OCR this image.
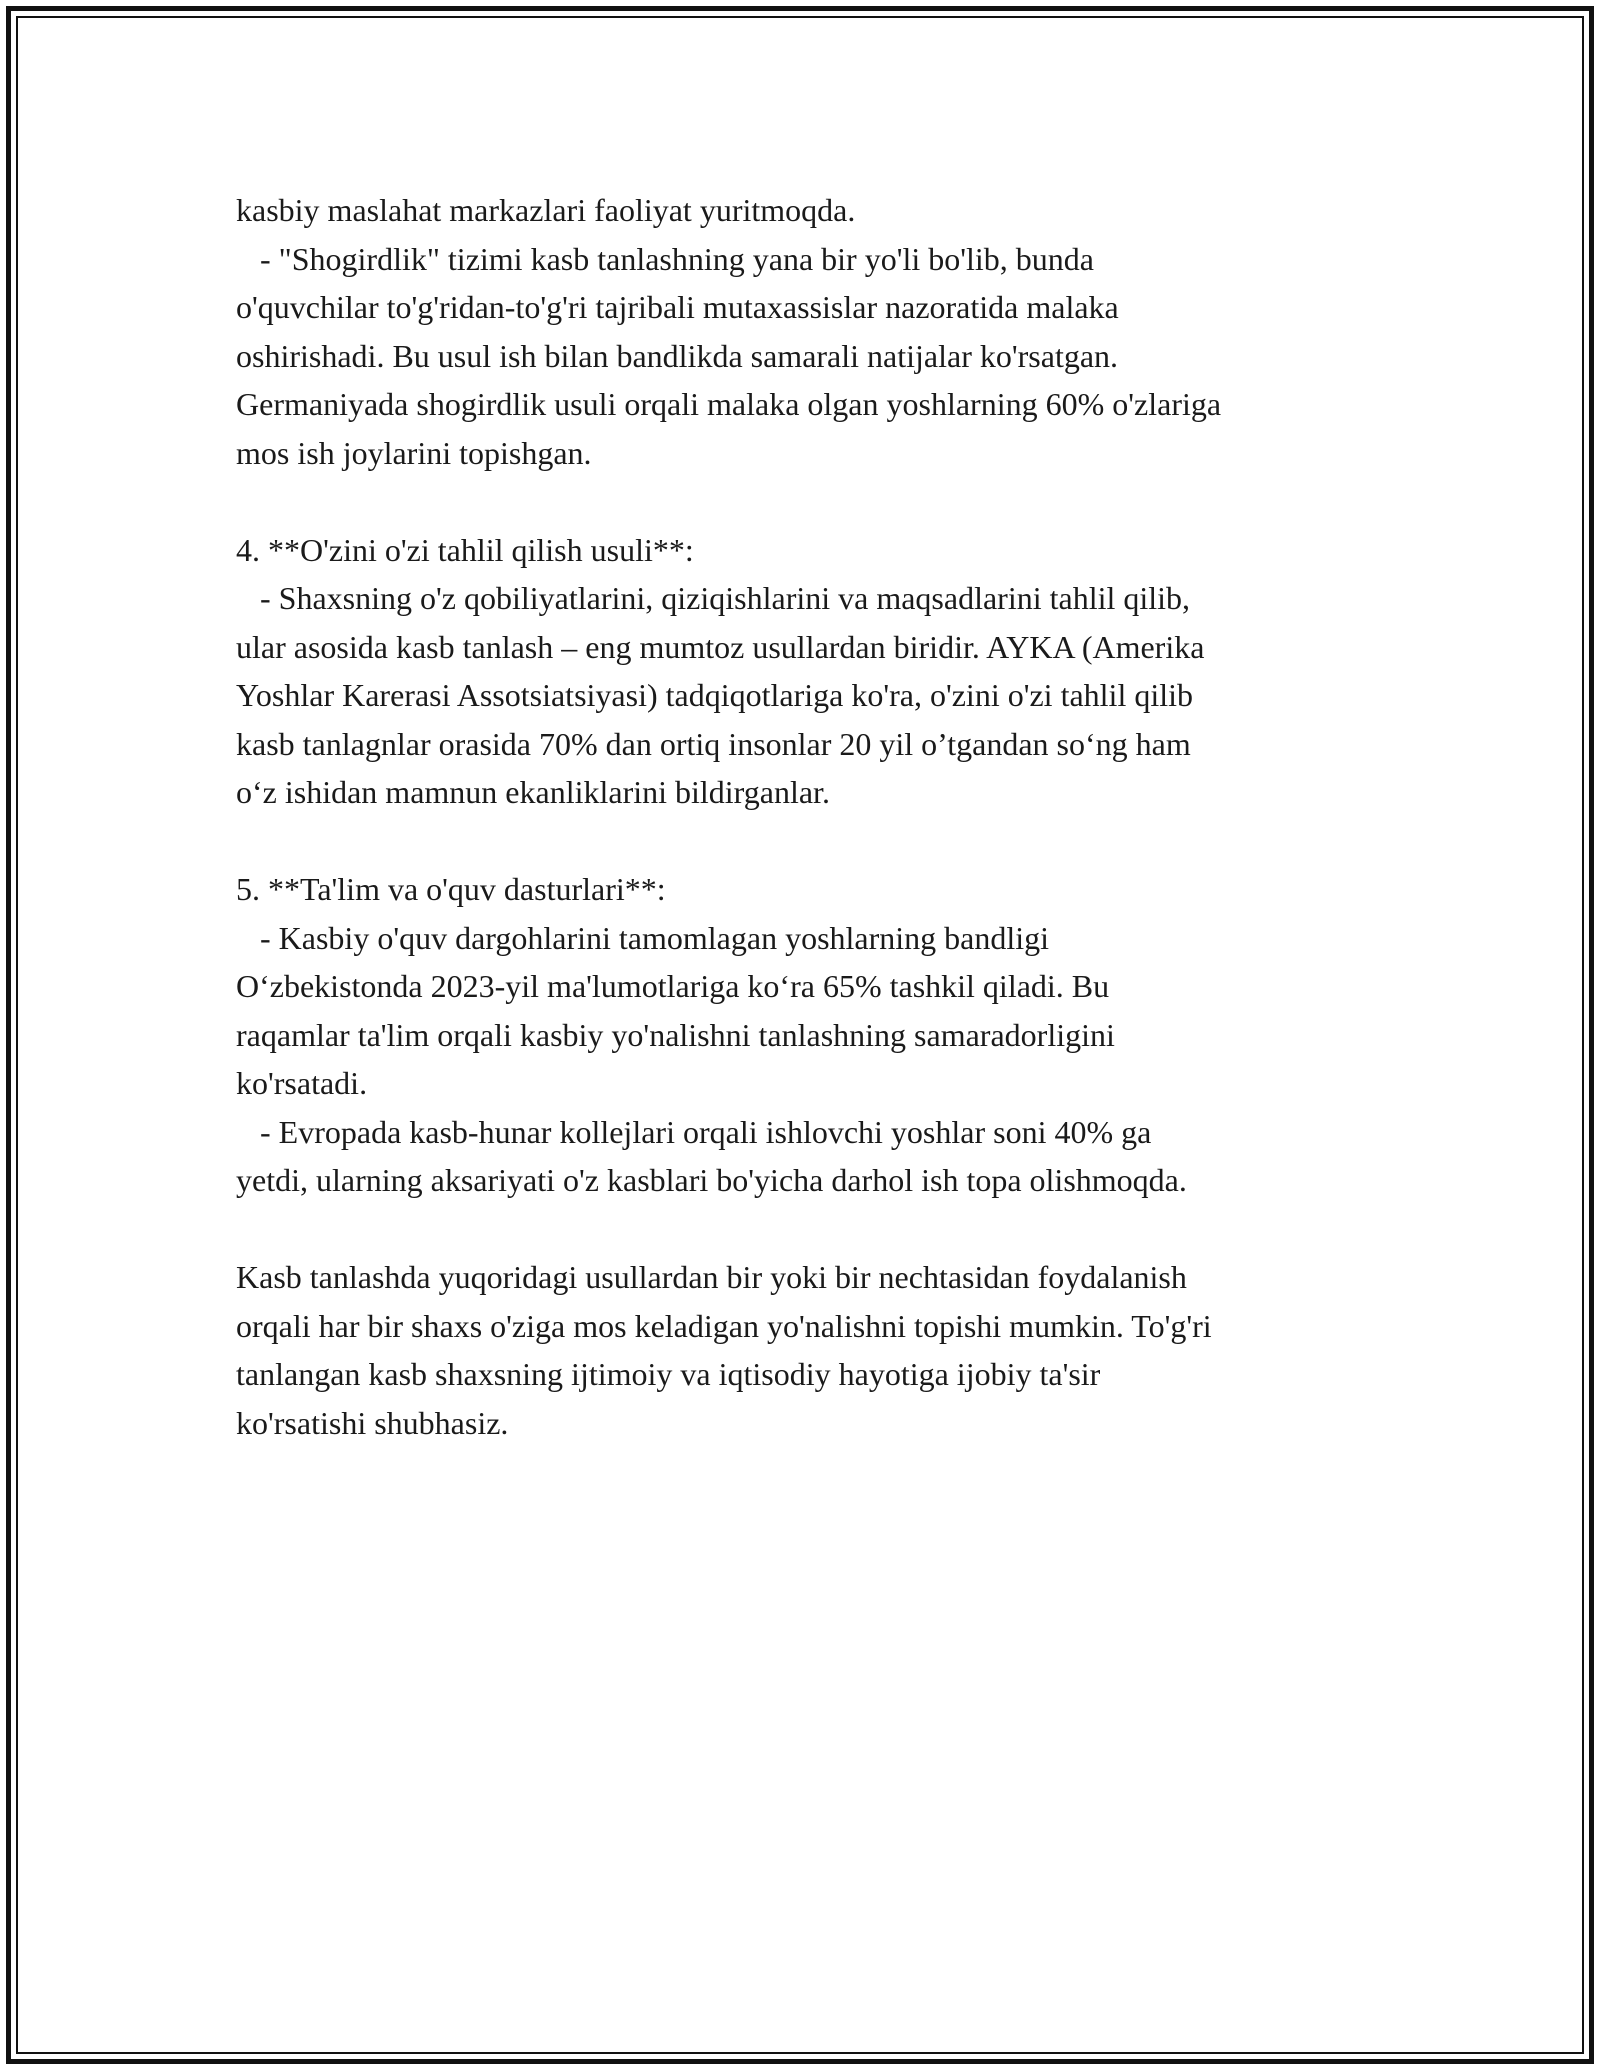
kasbiy maslahat markazlari faoliyat yuritmoqda.
- "Shogirdlik" tizimi kasb tanlashning yana bir yo'li bo'lib, bunda
o'quvchilar to'g'ridan-to'g'ri tajribali mutaxassislar nazoratida malaka
oshirishadi. Bu usul ish bilan bandlikda samarali natijalar ko'rsatgan.
Germaniyada shogirdlik usuli orqali malaka olgan yoshlarning 60% o'zlariga
mos ish joylarini topishgan.
4. **O'zini o'zi tahlil qilish usuli**:
- Shaxsning o'z qobiliyatlarini, qiziqishlarini va maqsadlarini tahlil qilib,
ular asosida kasb tanlash – eng mumtoz usullardan biridir. AYKA (Amerika
Yoshlar Karerasi Assotsiatsiyasi) tadqiqotlariga ko'ra, o'zini o'zi tahlil qilib
kasb tanlagnlar orasida 70% dan ortiq insonlar 20 yil o’tgandan so‘ng ham
o‘z ishidan mamnun ekanliklarini bildirganlar.
5. **Ta'lim va o'quv dasturlari**:
- Kasbiy o'quv dargohlarini tamomlagan yoshlarning bandligi
O‘zbekistonda 2023-yil ma'lumotlariga ko‘ra 65% tashkil qiladi. Bu
raqamlar ta'lim orqali kasbiy yo'nalishni tanlashning samaradorligini
ko'rsatadi.
- Evropada kasb-hunar kollejlari orqali ishlovchi yoshlar soni 40% ga
yetdi, ularning aksariyati o'z kasblari bo'yicha darhol ish topa olishmoqda.
Kasb tanlashda yuqoridagi usullardan bir yoki bir nechtasidan foydalanish
orqali har bir shaxs o'ziga mos keladigan yo'nalishni topishi mumkin. To'g'ri
tanlangan kasb shaxsning ijtimoiy va iqtisodiy hayotiga ijobiy ta'sir
ko'rsatishi shubhasiz.
